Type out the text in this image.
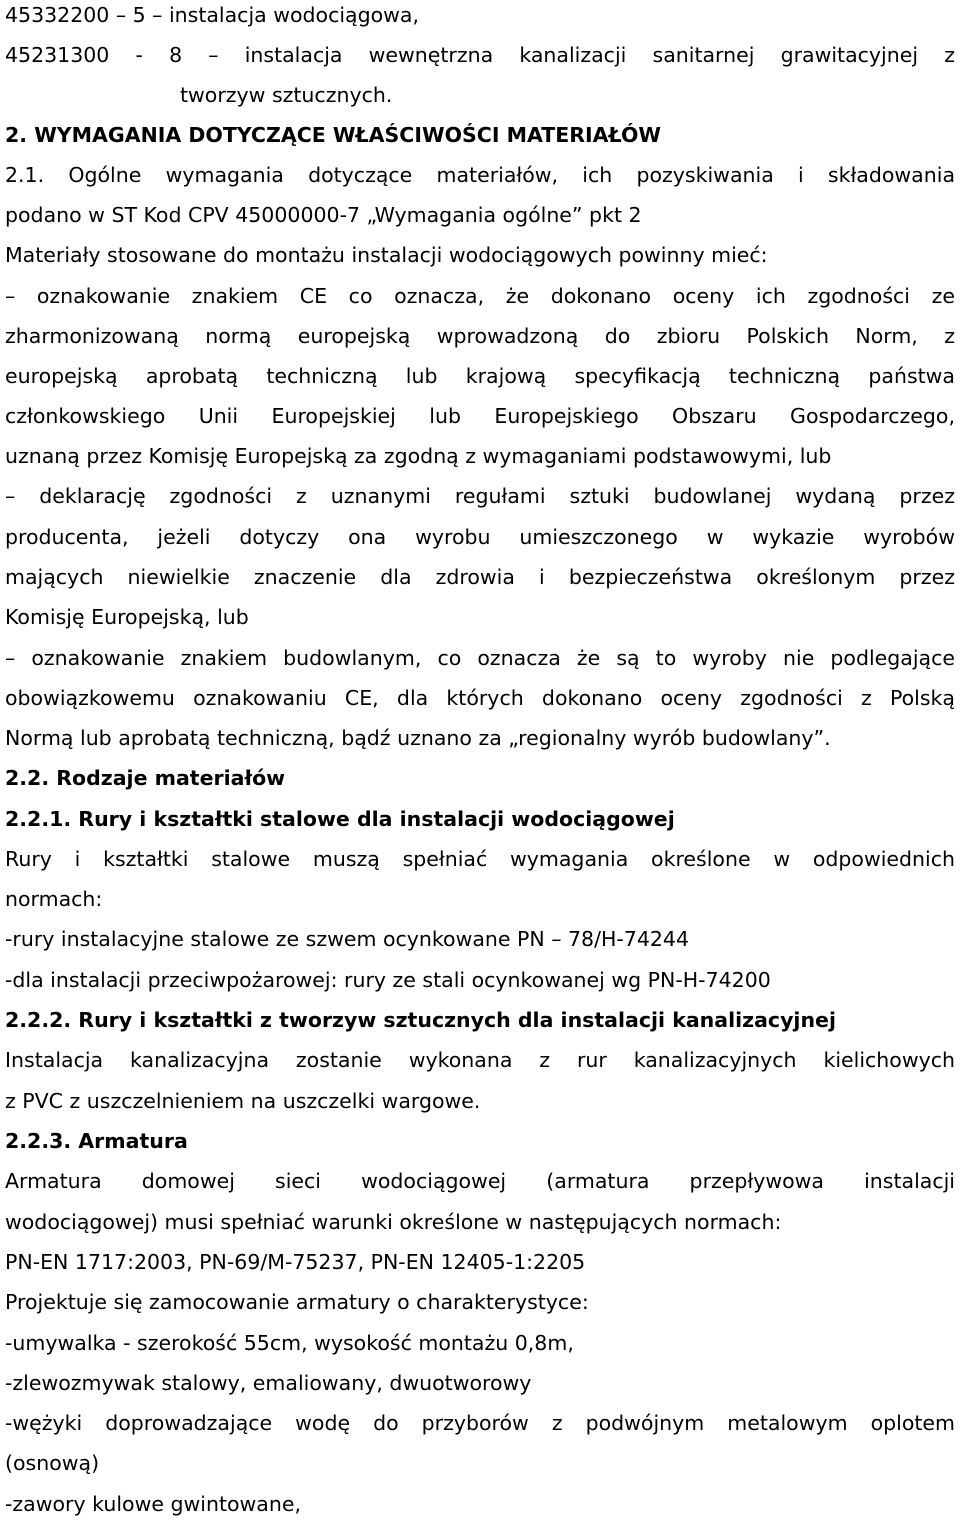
45332200 – 5 – instalacja wodociągowa,
45231300 - 8 – instalacja wewnętrzna kanalizacji sanitarnej grawitacyjnej z
tworzyw sztucznych.
2. WYMAGANIA DOTYCZĄCE WŁAŚCIWOŚCI MATERIAŁÓW
2.1. Ogólne wymagania dotyczące materiałów, ich pozyskiwania i składowania
podano w ST Kod CPV 45000000-7 „Wymagania ogólne” pkt 2
Materiały stosowane do montażu instalacji wodociągowych powinny mieć:
– oznakowanie znakiem CE co oznacza, że dokonano oceny ich zgodności ze
zharmonizowaną normą europejską wprowadzoną do zbioru Polskich Norm, z
europejską aprobatą techniczną lub krajową specyfikacją techniczną państwa
członkowskiego Unii Europejskiej lub Europejskiego Obszaru Gospodarczego,
uznaną przez Komisję Europejską za zgodną z wymaganiami podstawowymi, lub
– deklarację zgodności z uznanymi regułami sztuki budowlanej wydaną przez
producenta, jeżeli dotyczy ona wyrobu umieszczonego w wykazie wyrobów
mających niewielkie znaczenie dla zdrowia i bezpieczeństwa określonym przez
Komisję Europejską, lub
– oznakowanie znakiem budowlanym, co oznacza że są to wyroby nie podlegające
obowiązkowemu oznakowaniu CE, dla których dokonano oceny zgodności z Polską
Normą lub aprobatą techniczną, bądź uznano za „regionalny wyrób budowlany”.
2.2. Rodzaje materiałów
2.2.1. Rury i kształtki stalowe dla instalacji wodociągowej
Rury i kształtki stalowe muszą spełniać wymagania określone w odpowiednich
normach:
-rury instalacyjne stalowe ze szwem ocynkowane PN – 78/H-74244
-dla instalacji przeciwpożarowej: rury ze stali ocynkowanej wg PN-H-74200
2.2.2. Rury i kształtki z tworzyw sztucznych dla instalacji kanalizacyjnej
Instalacja kanalizacyjna zostanie wykonana z rur kanalizacyjnych kielichowych
z PVC z uszczelnieniem na uszczelki wargowe.
2.2.3. Armatura
Armatura domowej sieci wodociągowej (armatura przepływowa instalacji
wodociągowej) musi spełniać warunki określone w następujących normach:
PN-EN 1717:2003, PN-69/M-75237, PN-EN 12405-1:2205
Projektuje się zamocowanie armatury o charakterystyce:
-umywalka - szerokość 55cm, wysokość montażu 0,8m,
-zlewozmywak stalowy, emaliowany, dwuotworowy
-wężyki doprowadzające wodę do przyborów z podwójnym metalowym oplotem
(osnową)
-zawory kulowe gwintowane,
